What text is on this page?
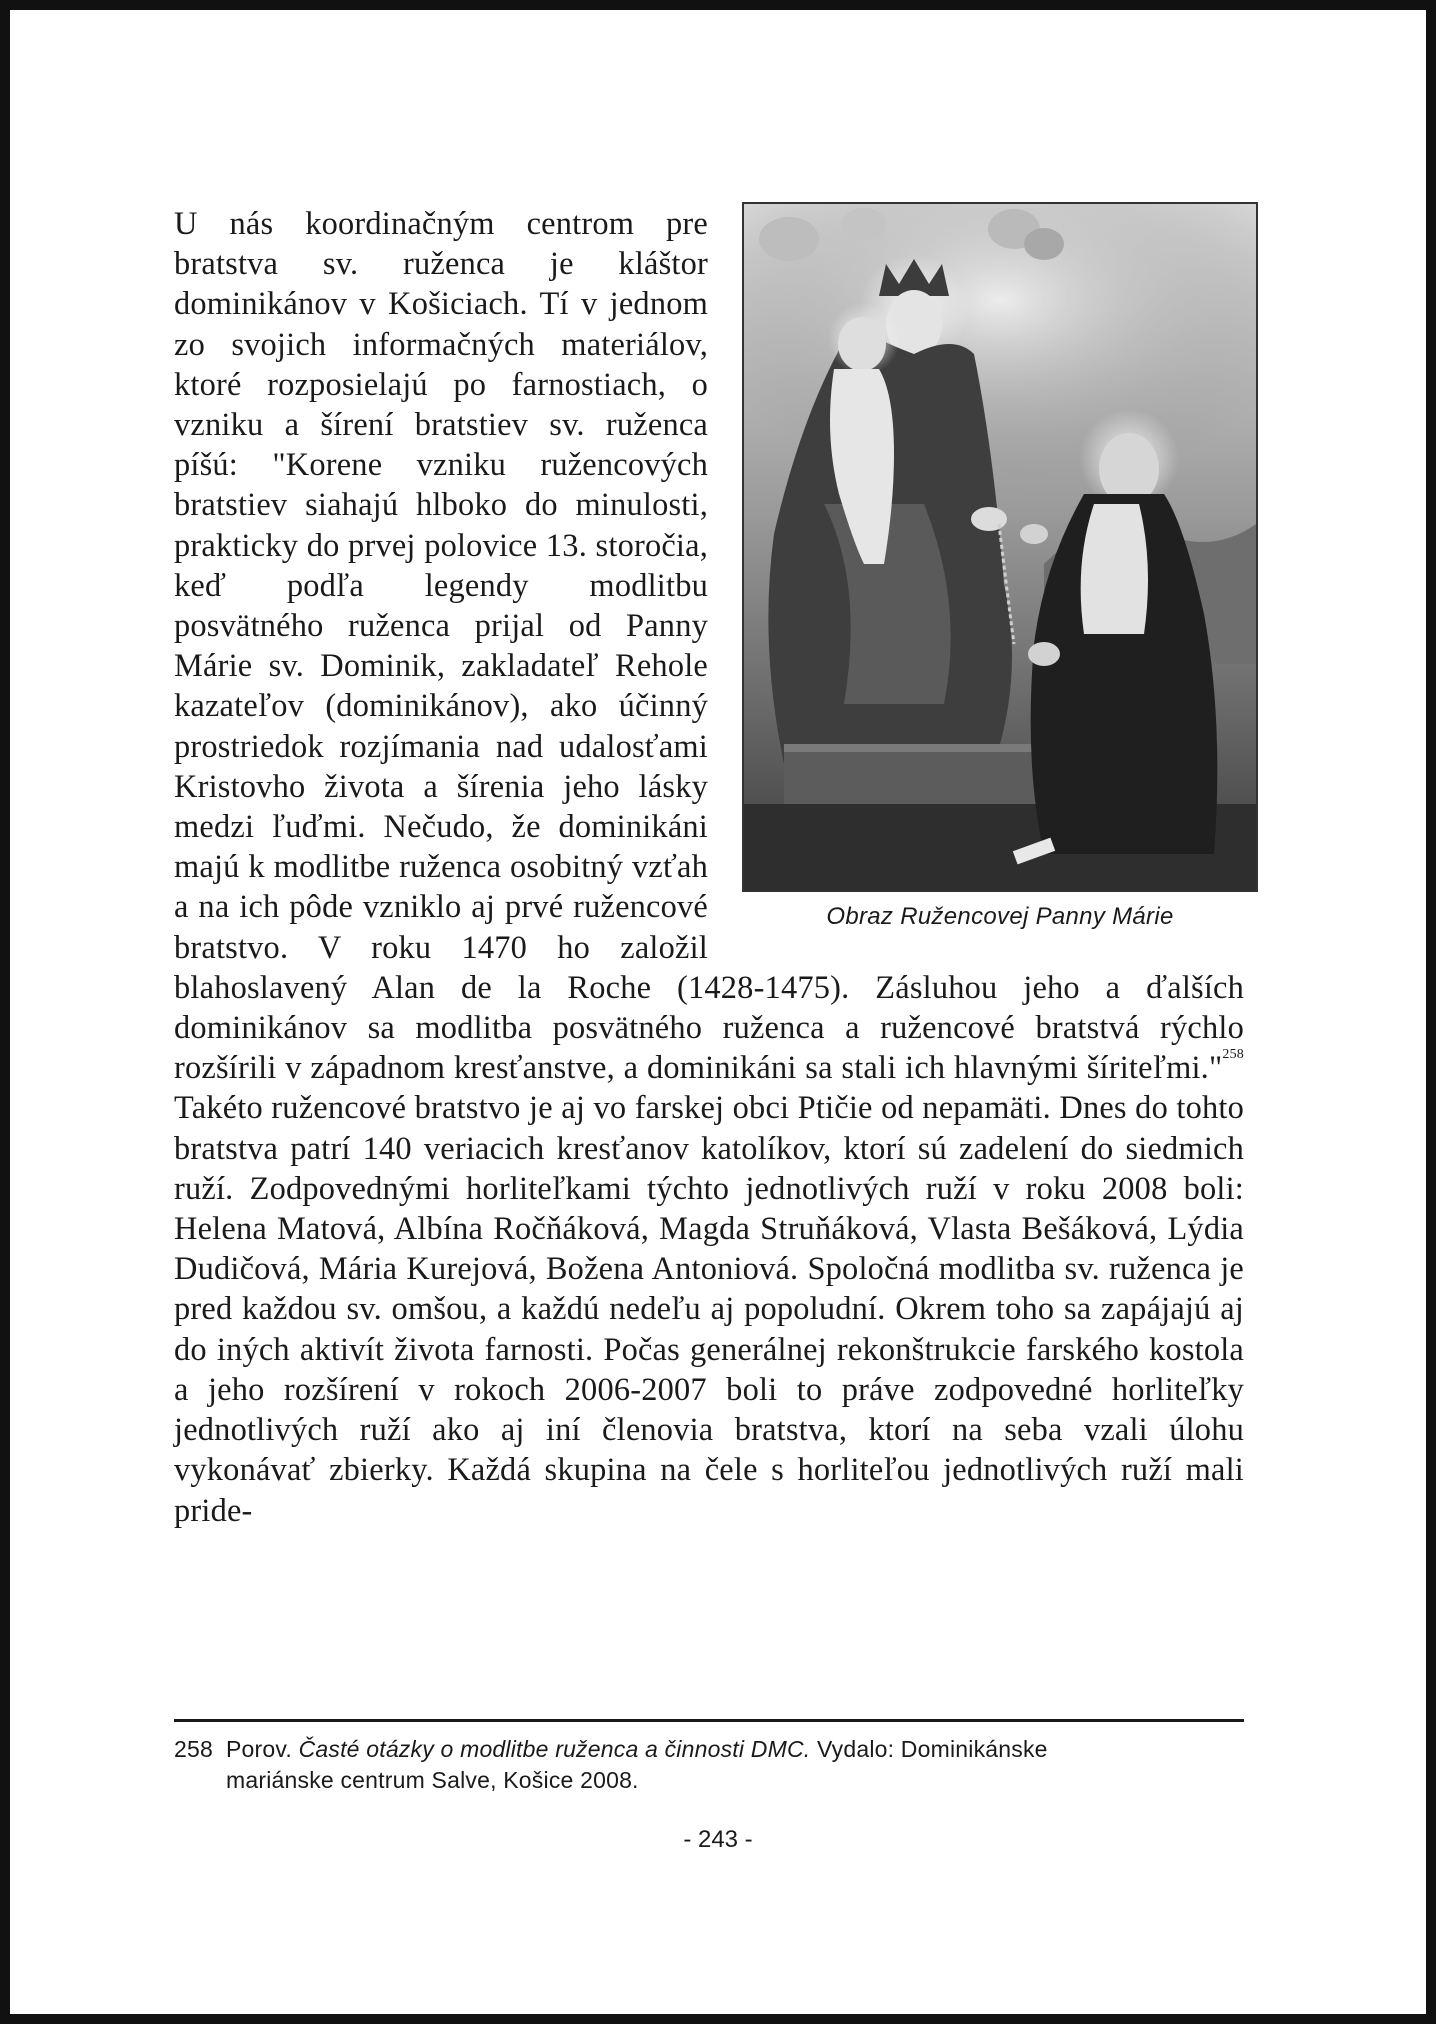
Obraz Ružencovej Panny Márie

U nás koordinačným centrom pre bratstva sv. ruženca je kláštor dominikánov v Košiciach. Tí v jednom zo svojich informačných materiálov, ktoré rozposielajú po farnostiach, o vzniku a šírení bratstiev sv. ruženca píšú: "Korene vzniku ružencových bratstiev siahajú hlboko do minulosti, prakticky do prvej polovice 13. storočia, keď podľa legendy modlitbu posvätného ruženca prijal od Panny Márie sv. Dominik, zakladateľ Rehole kazateľov (dominikánov), ako účinný prostriedok rozjímania nad udalosťami Kristovho života a šírenia jeho lásky medzi ľuďmi. Nečudo, že dominikáni majú k modlitbe ruženca osobitný vzťah a na ich pôde vzniklo aj prvé ružencové bratstvo. V roku 1470 ho založil blahoslavený Alan de la Roche (1428-1475). Zásluhou jeho a ďalších dominikánov sa modlitba posvätného ruženca a ružencové bratstvá rýchlo rozšírili v západnom kresťanstve, a dominikáni sa stali ich hlavnými šíriteľmi."$^{258}$ Takéto ružencové bratstvo je aj vo farskej obci Ptičie od nepamäti. Dnes do tohto bratstva patrí 140 veriacich kresťanov katolíkov, ktorí sú zadelení do siedmich ruží. Zodpovednými horliteľkami týchto jednotlivých ruží v roku 2008 boli: Helena Matová, Albína Ročňáková, Magda Struňáková, Vlasta Bešáková, Lýdia Dudičová, Mária Kurejová, Božena Antoniová. Spoločná modlitba sv. ruženca je pred každou sv. omšou, a každú nedeľu aj popoludní. Okrem toho sa zapájajú aj do iných aktivít života farnosti. Počas generálnej rekonštrukcie farského kostola a jeho rozšírení v rokoch 2006-2007 boli to práve zodpovedné horliteľky jednotlivých ruží ako aj iní členovia bratstva, ktorí na seba vzali úlohu vykonávať zbierky. Každá skupina na čele s horliteľou jednotlivých ruží mali pride-

258 Porov. Časté otázky o modlitbe ruženca a činnosti DMC. Vydalo: Dominikánske
mariánske centrum Salve, Košice 2008.
- 243 -
